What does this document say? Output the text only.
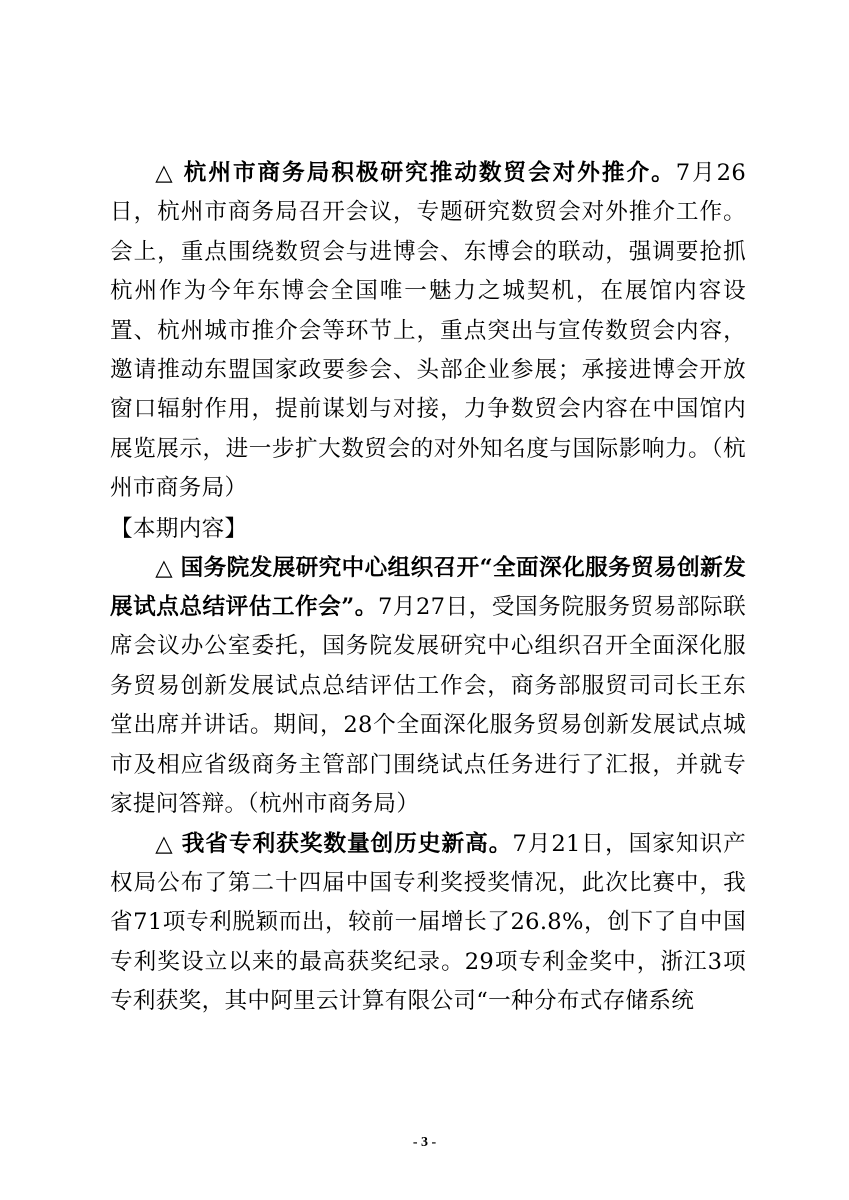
△ 杭州市商务局积极研究推动数贸会对外推介。7月26日，杭州市商务局召开会议，专题研究数贸会对外推介工作。会上，重点围绕数贸会与进博会、东博会的联动，强调要抢抓杭州作为今年东博会全国唯一魅力之城契机，在展馆内容设置、杭州城市推介会等环节上，重点突出与宣传数贸会内容，邀请推动东盟国家政要参会、头部企业参展；承接进博会开放窗口辐射作用，提前谋划与对接，力争数贸会内容在中国馆内展览展示，进一步扩大数贸会的对外知名度与国际影响力。（杭州市商务局）

【本期内容】

△ 国务院发展研究中心组织召开“全面深化服务贸易创新发展试点总结评估工作会”。7月27日，受国务院服务贸易部际联席会议办公室委托，国务院发展研究中心组织召开全面深化服务贸易创新发展试点总结评估工作会，商务部服贸司司长王东堂出席并讲话。期间，28个全面深化服务贸易创新发展试点城市及相应省级商务主管部门围绕试点任务进行了汇报，并就专家提问答辩。（杭州市商务局）

△ 我省专利获奖数量创历史新高。7月21日，国家知识产权局公布了第二十四届中国专利奖授奖情况，此次比赛中，我省71项专利脱颖而出，较前一届增长了26.8%，创下了自中国专利奖设立以来的最高获奖纪录。29项专利金奖中，浙江3项专利获奖，其中阿里云计算有限公司“一种分布式存储系统

- 3 -
